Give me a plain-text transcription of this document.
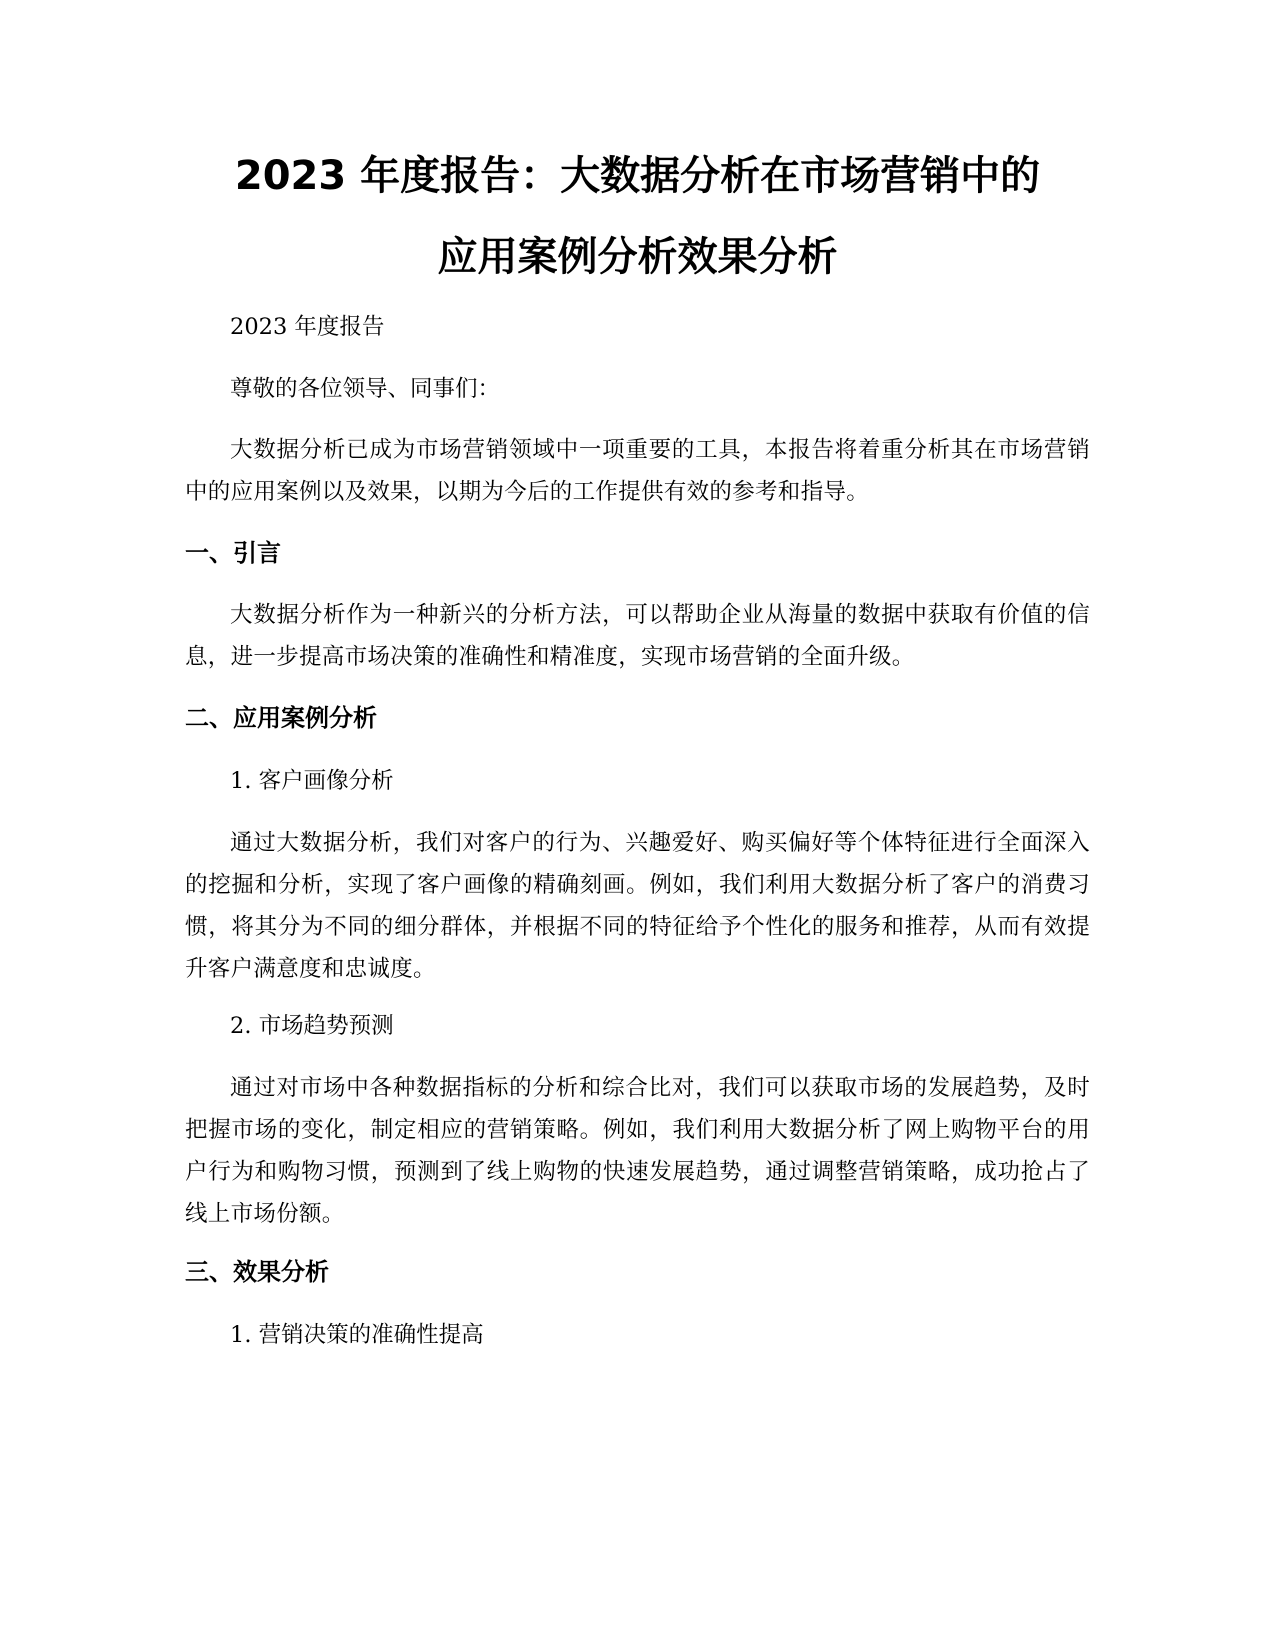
2023 年度报告：大数据分析在市场营销中的
应用案例分析效果分析

2023 年度报告

尊敬的各位领导、同事们：

大数据分析已成为市场营销领域中一项重要的工具，本报告将着重分析其在市场营销中的应用案例以及效果，以期为今后的工作提供有效的参考和指导。

一、引言

大数据分析作为一种新兴的分析方法，可以帮助企业从海量的数据中获取有价值的信息，进一步提高市场决策的准确性和精准度，实现市场营销的全面升级。

二、应用案例分析

1. 客户画像分析

通过大数据分析，我们对客户的行为、兴趣爱好、购买偏好等个体特征进行全面深入的挖掘和分析，实现了客户画像的精确刻画。例如，我们利用大数据分析了客户的消费习惯，将其分为不同的细分群体，并根据不同的特征给予个性化的服务和推荐，从而有效提升客户满意度和忠诚度。

2. 市场趋势预测

通过对市场中各种数据指标的分析和综合比对，我们可以获取市场的发展趋势，及时把握市场的变化，制定相应的营销策略。例如，我们利用大数据分析了网上购物平台的用户行为和购物习惯，预测到了线上购物的快速发展趋势，通过调整营销策略，成功抢占了线上市场份额。

三、效果分析

1. 营销决策的准确性提高
